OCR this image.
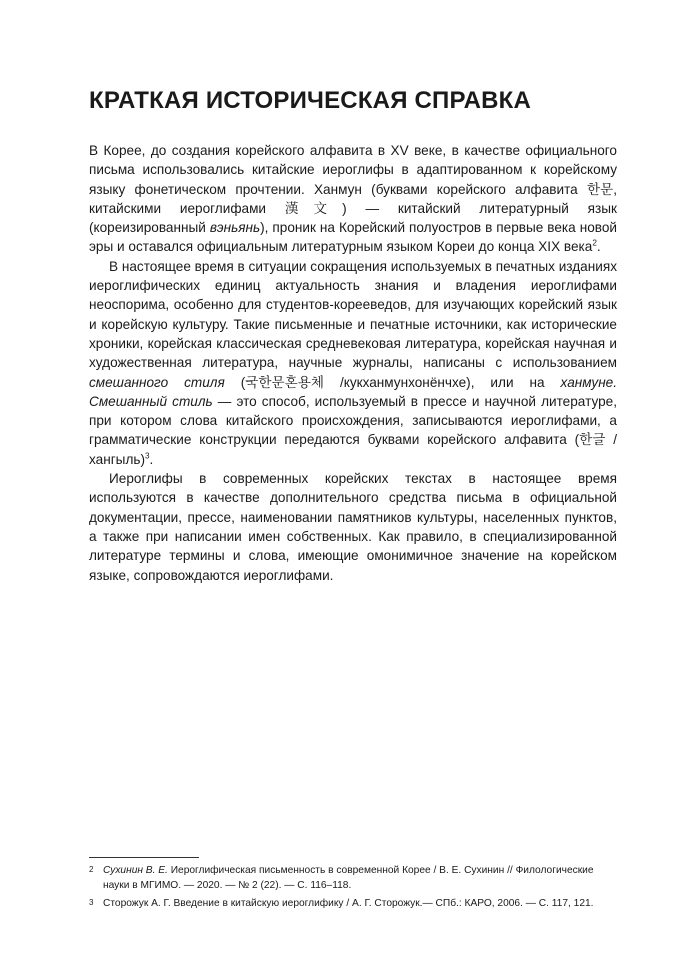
КРАТКАЯ ИСТОРИЧЕСКАЯ СПРАВКА

В Корее, до создания корейского алфавита в XV веке, в качестве официального письма использовались китайские иероглифы в адаптированном к корейскому языку фонетическом прочтении. Ханмун (буквами корейского алфавита 한문, китайскими иероглифами 漢文) — китайский литературный язык (кореизированный вэньянь), проник на Корейский полуостров в первые века новой эры и оставался официальным литературным языком Кореи до конца XIX века$^2$.

В настоящее время в ситуации сокращения используемых в печатных изданиях иероглифических единиц актуальность знания и владения иероглифами неоспорима, особенно для студентов-корееведов, для изучающих корейский язык и корейскую культуру. Такие письменные и печатные источники, как исторические хроники, корейская классическая средневековая литература, корейская научная и художественная литература, научные журналы, написаны с использованием смешанного стиля (국한문혼용체 /кукханмунхонёнчхе), или на ханмуне. Смешанный стиль — это способ, используемый в прессе и научной литературе, при котором слова китайского происхождения, записываются иероглифами, а грамматические конструкции передаются буквами корейского алфавита (한글 / хангыль)$^3$.

Иероглифы в современных корейских текстах в настоящее время используются в качестве дополнительного средства письма в официальной документации, прессе, наименовании памятников культуры, населенных пунктов, а также при написании имен собственных. Как правило, в специализированной литературе термины и слова, имеющие омонимичное значение на корейском языке, сопровождаются иероглифами.

2 Сухинин В. Е. Иероглифическая письменность в современной Корее / В. Е. Сухинин // Филологические науки в МГИМО. — 2020. — № 2 (22). — С. 116–118.
3 Сторожук А. Г. Введение в китайскую иероглифику / А. Г. Сторожук.— СПб.: КАРО, 2006. — С. 117, 121.
